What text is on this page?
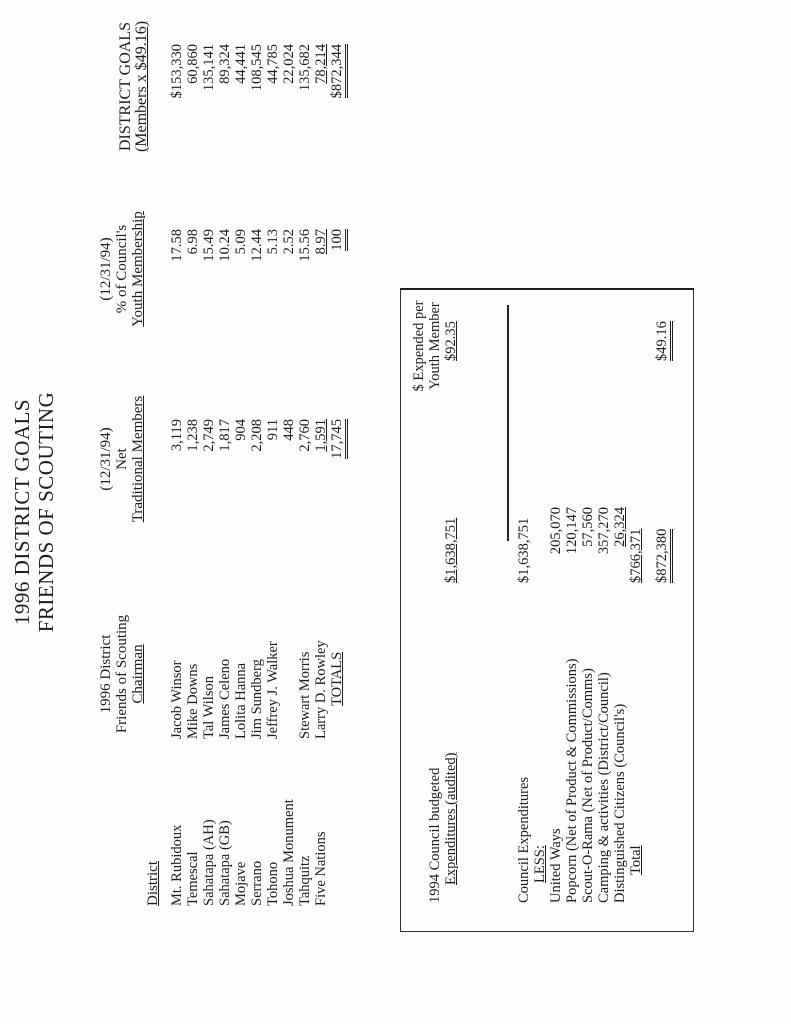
1996 DISTRICT GOALS FRIENDS OF SCOUTING
District
1996 District Friends of Scouting Chairman
(12/31/94) Net Traditional Members
(12/31/94) % of Council's Youth Membership
DISTRICT GOALS (Members x $49.16)
Mt. Rubidoux
Jacob Winsor
3,119
17.58
$153,330
Temescal
Mike Downs
1,238
6.98
60,860
Sahatapa (AH)
Tal Wilson
2,749
15.49
135,141
Sahatapa (GB)
James Celeno
1,817
10.24
89,324
Mojave
Lolita Hanna
904
5.09
44,441
Serrano
Jim Sundberg
2,208
12.44
108,545
Tohono
Jeffrey J. Walker
911
5.13
44,785
Joshua Monument
448
2.52
22,024
Tahquitz
Stewart Morris
2,760
15.56
135,682
Five Nations
Larry D. Rowley
1,591
8.97
78,214
TOTALS
17,745
100
$872,344
1994 Council budgeted Expenditures (audited)
$1,638,751
$ Expended per Youth Member $92.35
Council Expenditures
$1,638,751
LESS: United Ways
205,070
Popcorn (Net of Product & Commissions)
120,147
Scout-O-Rama (Net of Product/Comms)
57,560
Camping & activities (District/Council)
357,270
Distinguished Citizens (Council's)
26,324
$766,371
Total
$872,380
$49.16
